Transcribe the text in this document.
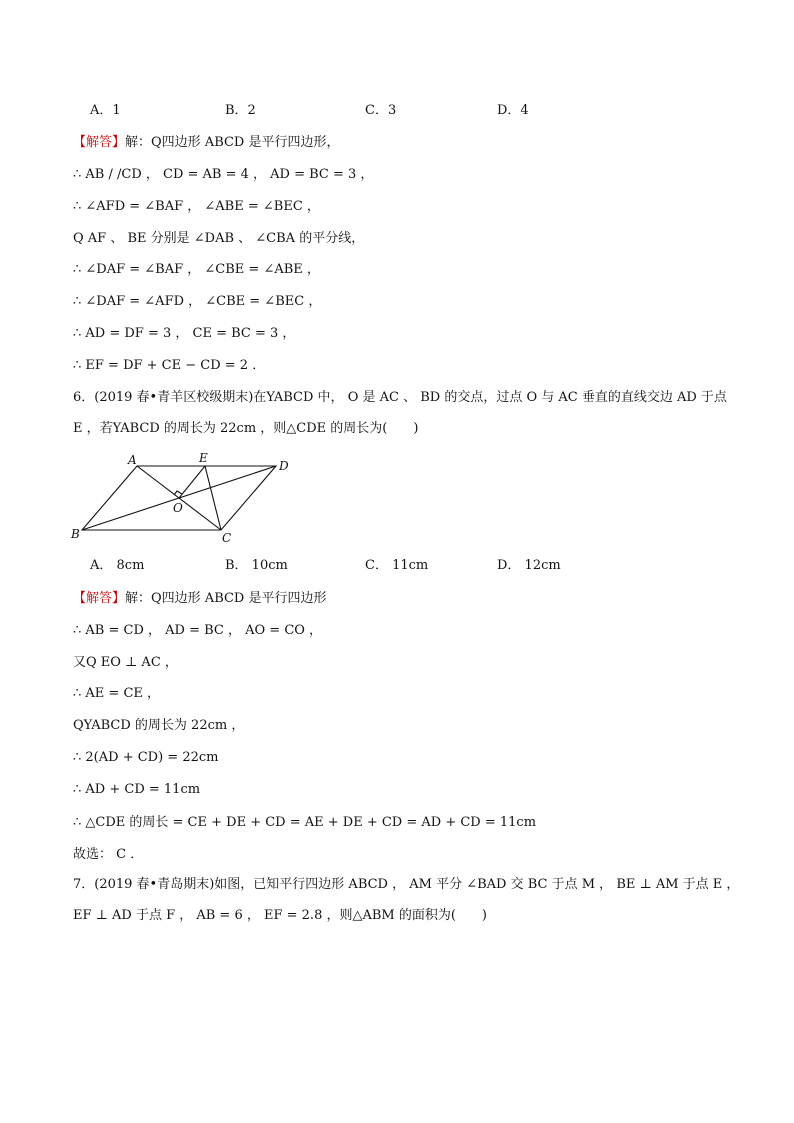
A．1	B．2	C．3	D．4
【解答】解：Q四边形 ABCD 是平行四边形，
∴ AB / /CD ， CD = AB = 4 ， AD = BC = 3 ，
∴ ∠AFD = ∠BAF ， ∠ABE = ∠BEC ，
Q AF 、 BE 分别是 ∠DAB 、 ∠CBA 的平分线，
∴ ∠DAF = ∠BAF ， ∠CBE = ∠ABE ，
∴ ∠DAF = ∠AFD ， ∠CBE = ∠BEC ，
∴ AD = DF = 3 ， CE = BC = 3 ，
∴ EF = DF + CE − CD = 2 ．
6．(2019 春•青羊区校级期末)在YABCD 中， O 是 AC 、 BD 的交点，过点 O 与 AC 垂直的直线交边 AD 于点
E ，若YABCD 的周长为 22cm ，则△CDE 的周长为(　　)
A	E
D
O
B	C
A． 8cm	B． 10cm	C． 11cm	D． 12cm
【解答】解：Q四边形 ABCD 是平行四边形
∴ AB = CD ， AD = BC ， AO = CO ，
又Q EO ⊥ AC ，
∴ AE = CE ，
QYABCD 的周长为 22cm ，
∴ 2(AD + CD) = 22cm
∴ AD + CD = 11cm
∴ △CDE 的周长 = CE + DE + CD = AE + DE + CD = AD + CD = 11cm
故选： C ．
7．(2019 春•青岛期末)如图，已知平行四边形 ABCD ， AM 平分 ∠BAD 交 BC 于点 M ， BE ⊥ AM 于点 E ，
EF ⊥ AD 于点 F ， AB = 6 ， EF = 2.8 ，则△ABM 的面积为(　　)
